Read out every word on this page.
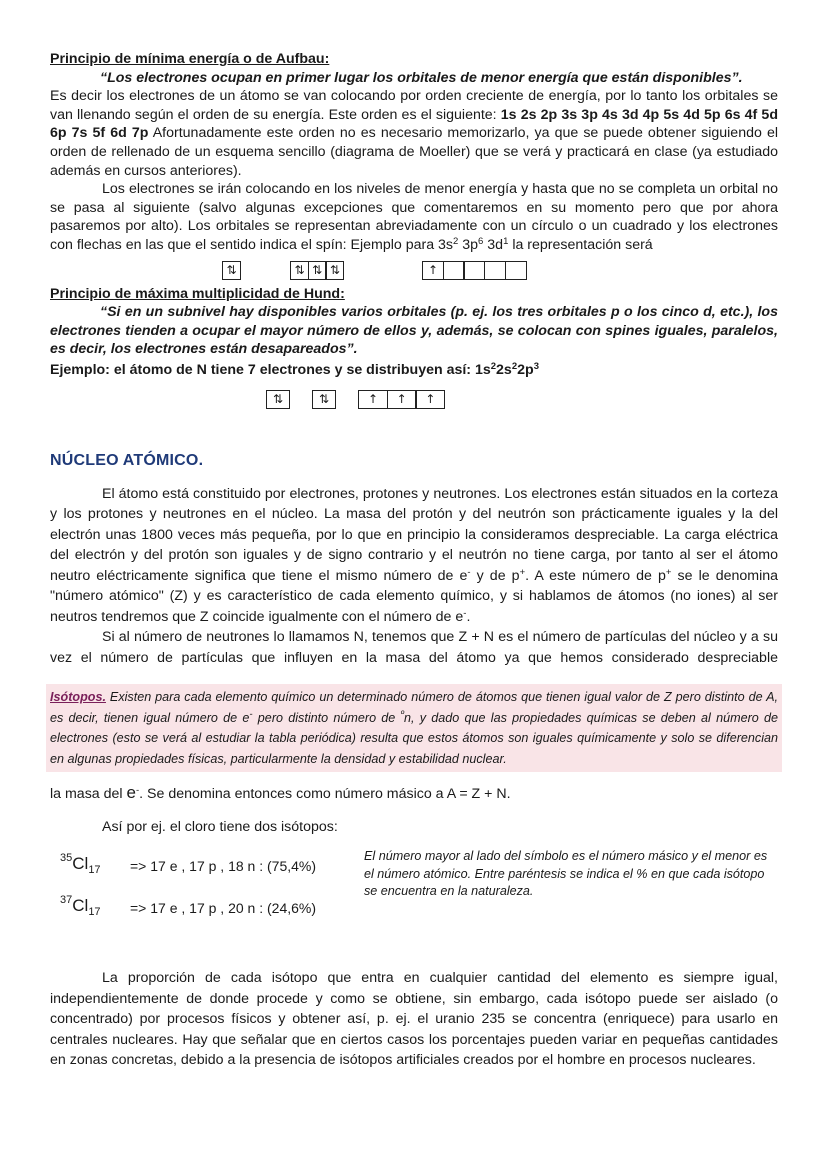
Principio de mínima energía o de Aufbau:

“Los electrones ocupan en primer lugar los orbitales de menor energía que están disponibles”.

Es decir los electrones de un átomo se van colocando por orden creciente de energía, por lo tanto los orbitales se van llenando según el orden de su energía. Este orden es el siguiente: 1s 2s 2p 3s 3p 4s 3d 4p 5s 4d 5p 6s 4f 5d 6p 7s 5f 6d 7p Afortunadamente este orden no es necesario memorizarlo, ya que se puede obtener siguiendo el orden de rellenado de un esquema sencillo (diagrama de Moeller) que se verá y practicará en clase (ya estudiado además en cursos anteriores).

Los electrones se irán colocando en los niveles de menor energía y hasta que no se completa un orbital no se pasa al siguiente (salvo algunas excepciones que comentaremos en su momento pero que por ahora pasaremos por alto). Los orbitales se representan abreviadamente con un círculo o un cuadrado y los electrones con flechas en las que el sentido indica el spín: Ejemplo para $3s^2$ $3p^6$ $3d^1$ la representación será

⇅	⇅ ⇅ ⇅	↑

Principio de máxima multiplicidad de Hund:

“Si en un subnivel hay disponibles varios orbitales (p. ej. los tres orbitales p o los cinco d, etc.), los electrones tienden a ocupar el mayor número de ellos y, además, se colocan con spines iguales, paralelos, es decir, los electrones están desapareados”.

Ejemplo: el átomo de N tiene 7 electrones y se distribuyen así: $1s^22s^22p^3$

⇅	⇅	↑	↑	↑
NÚCLEO ATÓMICO.

El átomo está constituido por electrones, protones y neutrones. Los electrones están situados en la corteza y los protones y neutrones en el núcleo. La masa del protón y del neutrón son prácticamente iguales y la del electrón unas 1800 veces más pequeña, por lo que en principio la consideramos despreciable. La carga eléctrica del electrón y del protón son iguales y de signo contrario y el neutrón no tiene carga, por tanto al ser el átomo neutro eléctricamente significa que tiene el mismo número de e- y de p+. A este número de p+ se le denomina "número atómico" (Z) y es característico de cada elemento químico, y si hablamos de átomos (no iones) al ser neutros tendremos que Z coincide igualmente con el número de e-.

Si al número de neutrones lo llamamos N, tenemos que Z + N es el número de partículas del núcleo y a su vez el número de partículas que influyen en la masa del átomo ya que hemos considerado despreciable

Isótopos. Existen para cada elemento químico un determinado número de átomos que tienen igual valor de Z pero distinto de A, es decir, tienen igual número de e- pero distinto número de $^º$n, y dado que las propiedades químicas se deben al número de electrones (esto se verá al estudiar la tabla periódica) resulta que estos átomos son iguales químicamente y solo se diferencian en algunas propiedades físicas, particularmente la densidad y estabilidad nuclear.

la masa del e-. Se denomina entonces como número másico a A = Z + N.

Así por ej. el cloro tiene dos isótopos:

$^{35}Cl_{17} => 17$ e , 17 p , 18 n : (75,4%)
$^{37}Cl_{17} => 17$ e , 17 p , 20 n : (24,6%)
El número mayor al lado del símbolo es el número másico y el menor es el número atómico. Entre paréntesis se indica el % en que cada isótopo se encuentra en la naturaleza.

La proporción de cada isótopo que entra en cualquier cantidad del elemento es siempre igual, independientemente de donde procede y como se obtiene, sin embargo, cada isótopo puede ser aislado (o concentrado) por procesos físicos y obtener así, p. ej. el uranio 235 se concentra (enriquece) para usarlo en centrales nucleares. Hay que señalar que en ciertos casos los porcentajes pueden variar en pequeñas cantidades en zonas concretas, debido a la presencia de isótopos artificiales creados por el hombre en procesos nucleares.
